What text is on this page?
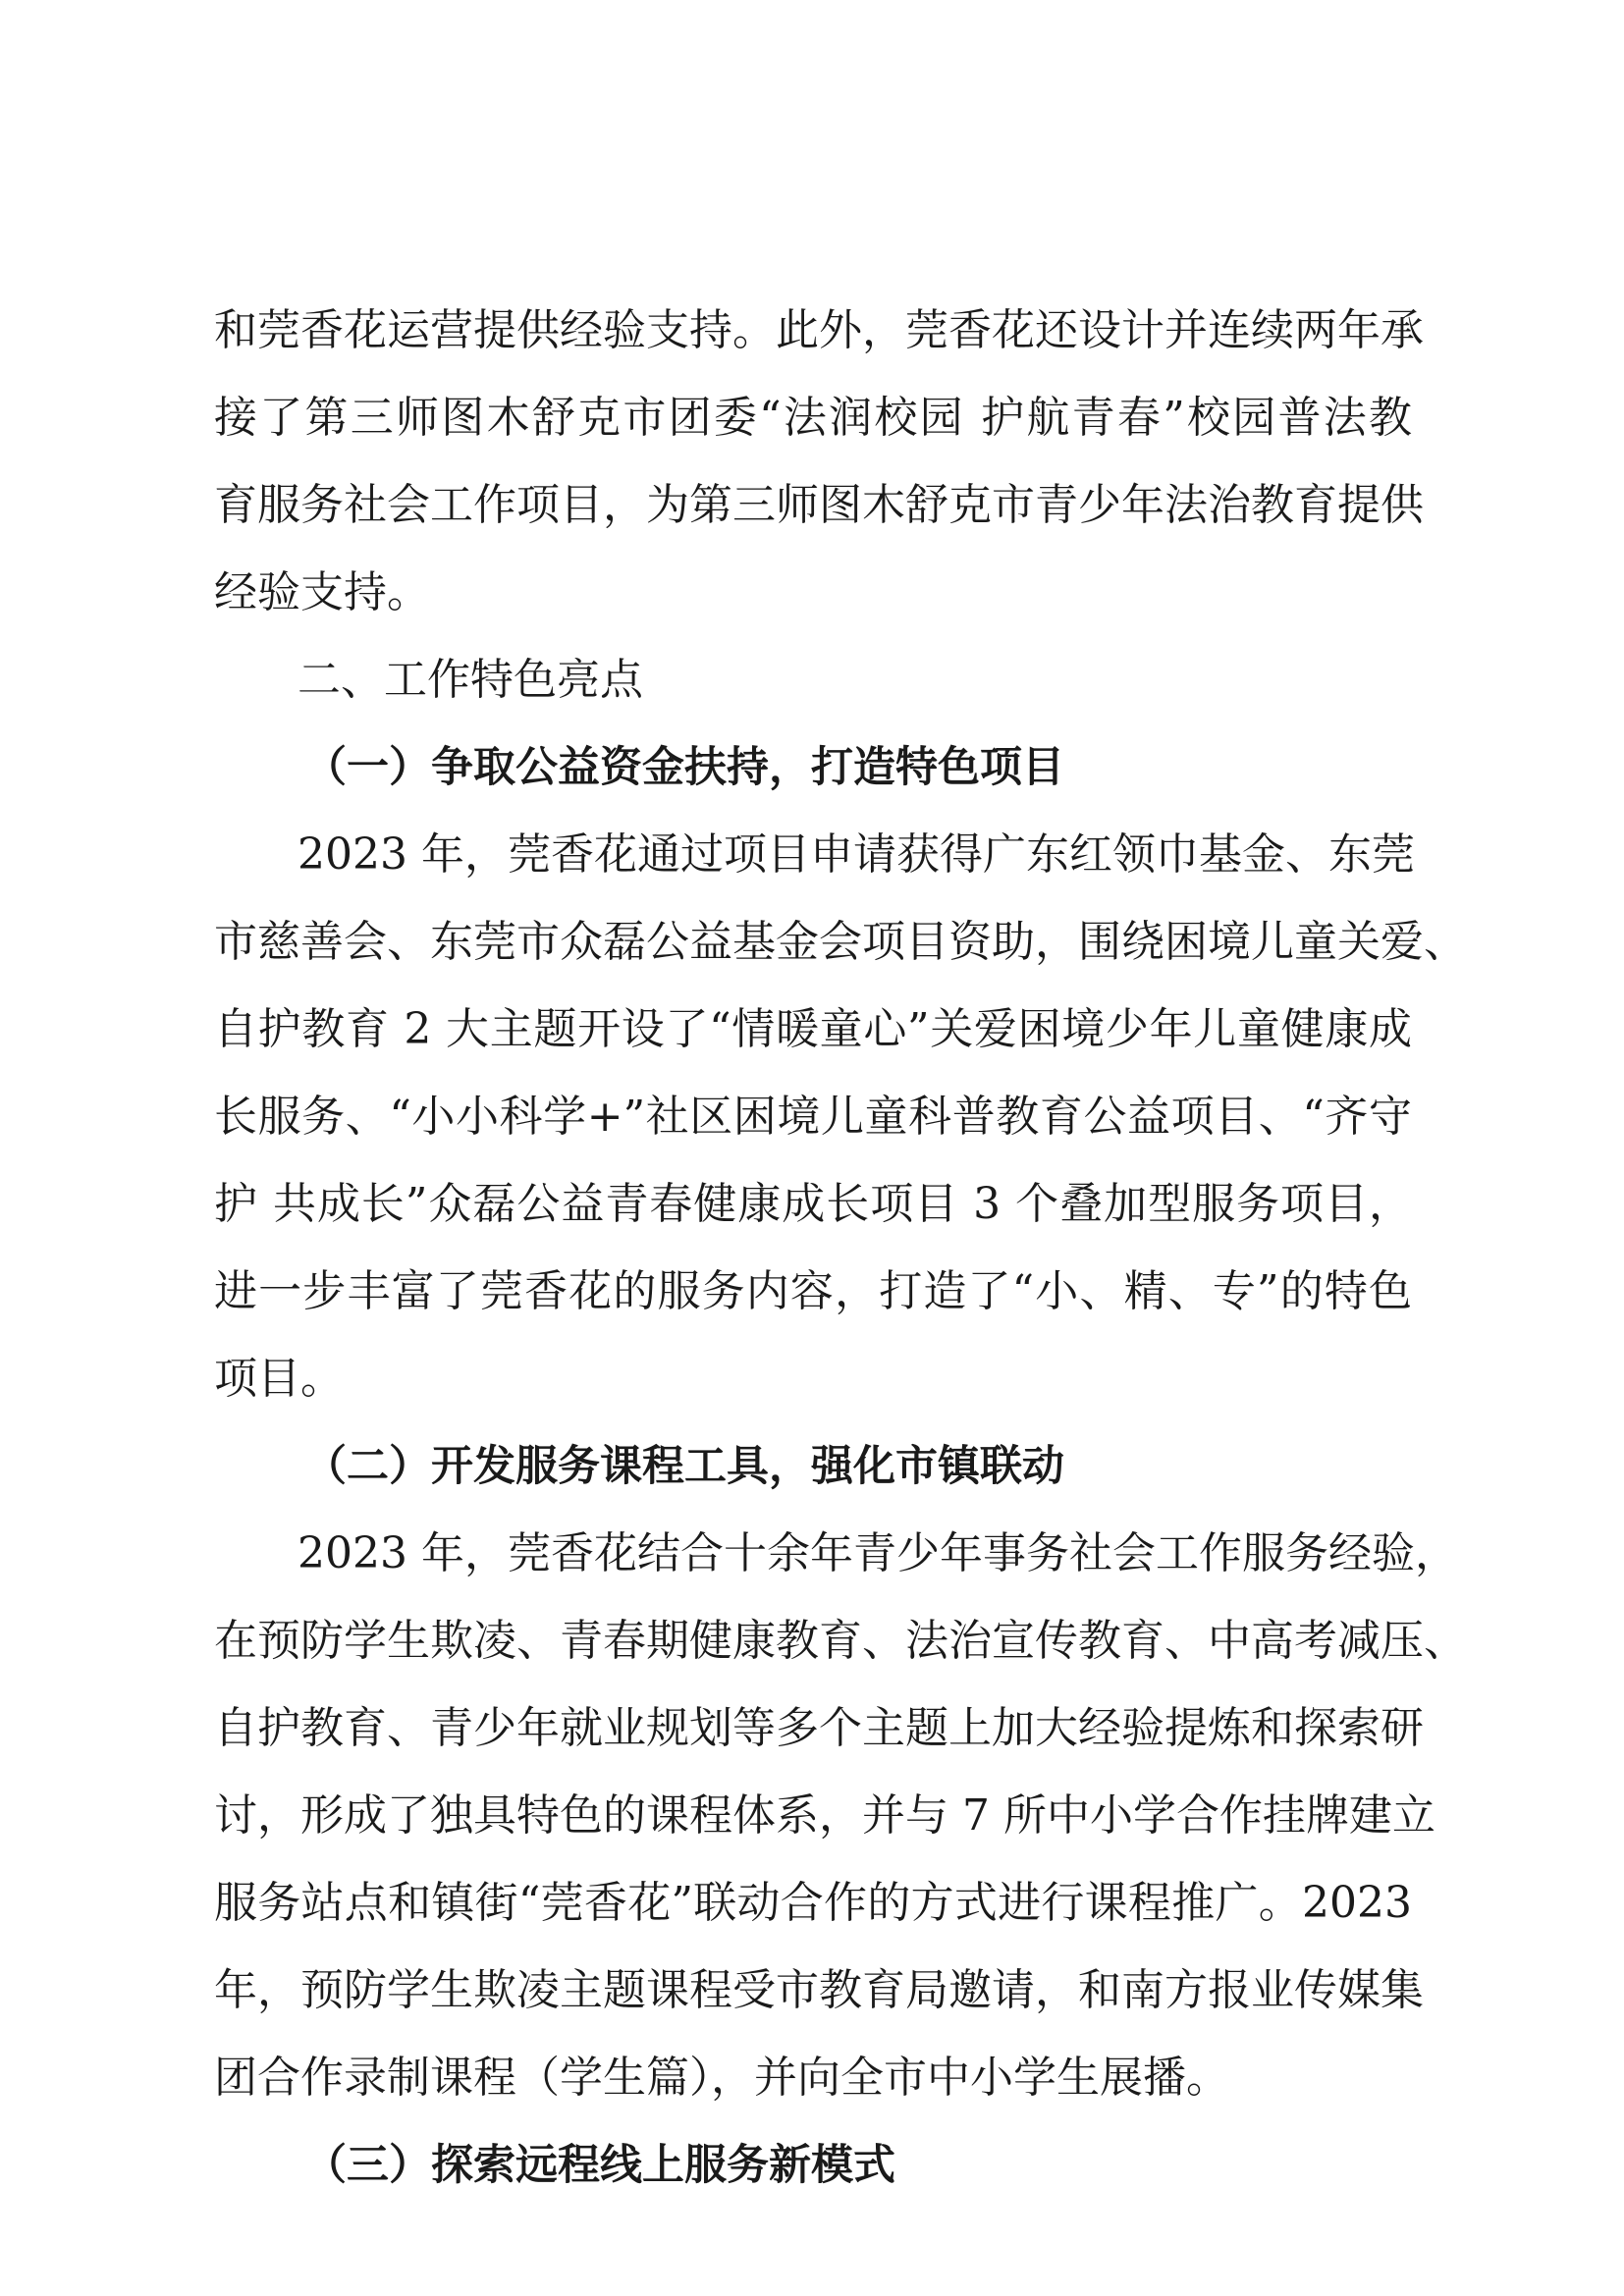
和莞香花运营提供经验支持。此外，莞香花还设计并连续两年承
接了第三师图木舒克市团委“法润校园 护航青春”校园普法教
育服务社会工作项目，为第三师图木舒克市青少年法治教育提供
经验支持。
二、工作特色亮点
（一）争取公益资金扶持，打造特色项目
2023 年，莞香花通过项目申请获得广东红领巾基金、东莞
市慈善会、东莞市众磊公益基金会项目资助，围绕困境儿童关爱、
自护教育 2 大主题开设了“情暖童心”关爱困境少年儿童健康成
长服务、“小小科学+”社区困境儿童科普教育公益项目、“齐守
护 共成长”众磊公益青春健康成长项目 3 个叠加型服务项目，
进一步丰富了莞香花的服务内容，打造了“小、精、专”的特色
项目。
（二）开发服务课程工具，强化市镇联动
2023 年，莞香花结合十余年青少年事务社会工作服务经验，
在预防学生欺凌、青春期健康教育、法治宣传教育、中高考减压、
自护教育、青少年就业规划等多个主题上加大经验提炼和探索研
讨，形成了独具特色的课程体系，并与 7 所中小学合作挂牌建立
服务站点和镇街“莞香花”联动合作的方式进行课程推广。2023
年，预防学生欺凌主题课程受市教育局邀请，和南方报业传媒集
团合作录制课程（学生篇），并向全市中小学生展播。
（三）探索远程线上服务新模式
